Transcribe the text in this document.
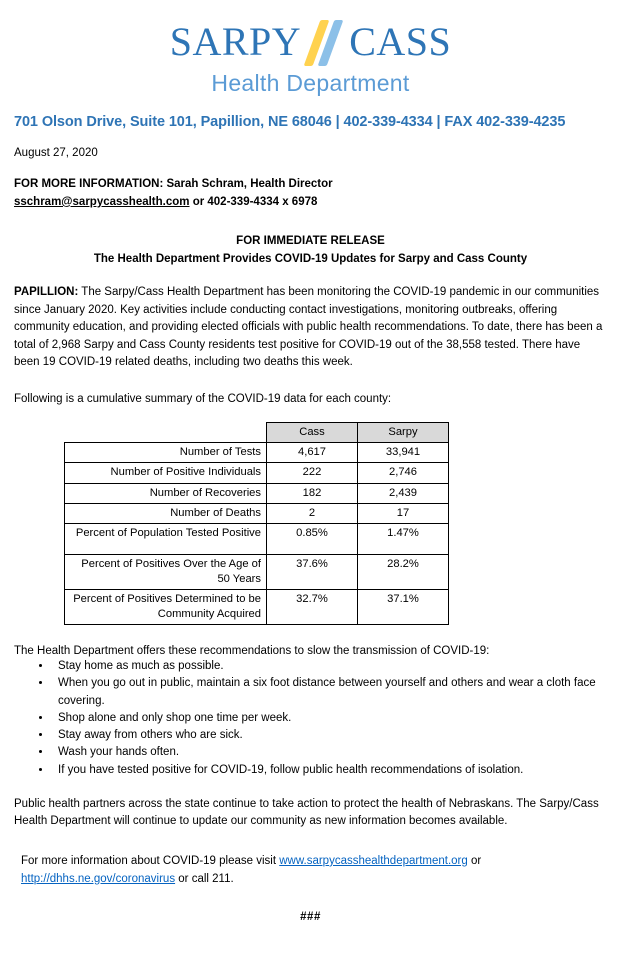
SARPY CASS
Health Department
701 Olson Drive, Suite 101, Papillion, NE 68046 | 402-339-4334 | FAX 402-339-4235
August 27, 2020
FOR MORE INFORMATION: Sarah Schram, Health Director
sschram@sarpycasshealth.com or 402-339-4334 x 6978
FOR IMMEDIATE RELEASE
The Health Department Provides COVID-19 Updates for Sarpy and Cass County
PAPILLION: The Sarpy/Cass Health Department has been monitoring the COVID-19 pandemic in our communities since January 2020. Key activities include conducting contact investigations, monitoring outbreaks, offering community education, and providing elected officials with public health recommendations. To date, there has been a total of 2,968 Sarpy and Cass County residents test positive for COVID-19 out of the 38,558 tested. There have been 19 COVID-19 related deaths, including two deaths this week.
Following is a cumulative summary of the COVID-19 data for each county:
	Cass	Sarpy
Number of Tests	4,617	33,941
Number of Positive Individuals	222	2,746
Number of Recoveries	182	2,439
Number of Deaths	2	17
Percent of Population Tested Positive	0.85%	1.47%
Percent of Positives Over the Age of 50 Years	37.6%	28.2%
Percent of Positives Determined to be Community Acquired	32.7%	37.1%
The Health Department offers these recommendations to slow the transmission of COVID-19:
• Stay home as much as possible.
• When you go out in public, maintain a six foot distance between yourself and others and wear a cloth face covering.
• Shop alone and only shop one time per week.
• Stay away from others who are sick.
• Wash your hands often.
• If you have tested positive for COVID-19, follow public health recommendations of isolation.
Public health partners across the state continue to take action to protect the health of Nebraskans. The Sarpy/Cass Health Department will continue to update our community as new information becomes available.
For more information about COVID-19 please visit www.sarpycasshealthdepartment.org or http://dhhs.ne.gov/coronavirus or call 211.
###
